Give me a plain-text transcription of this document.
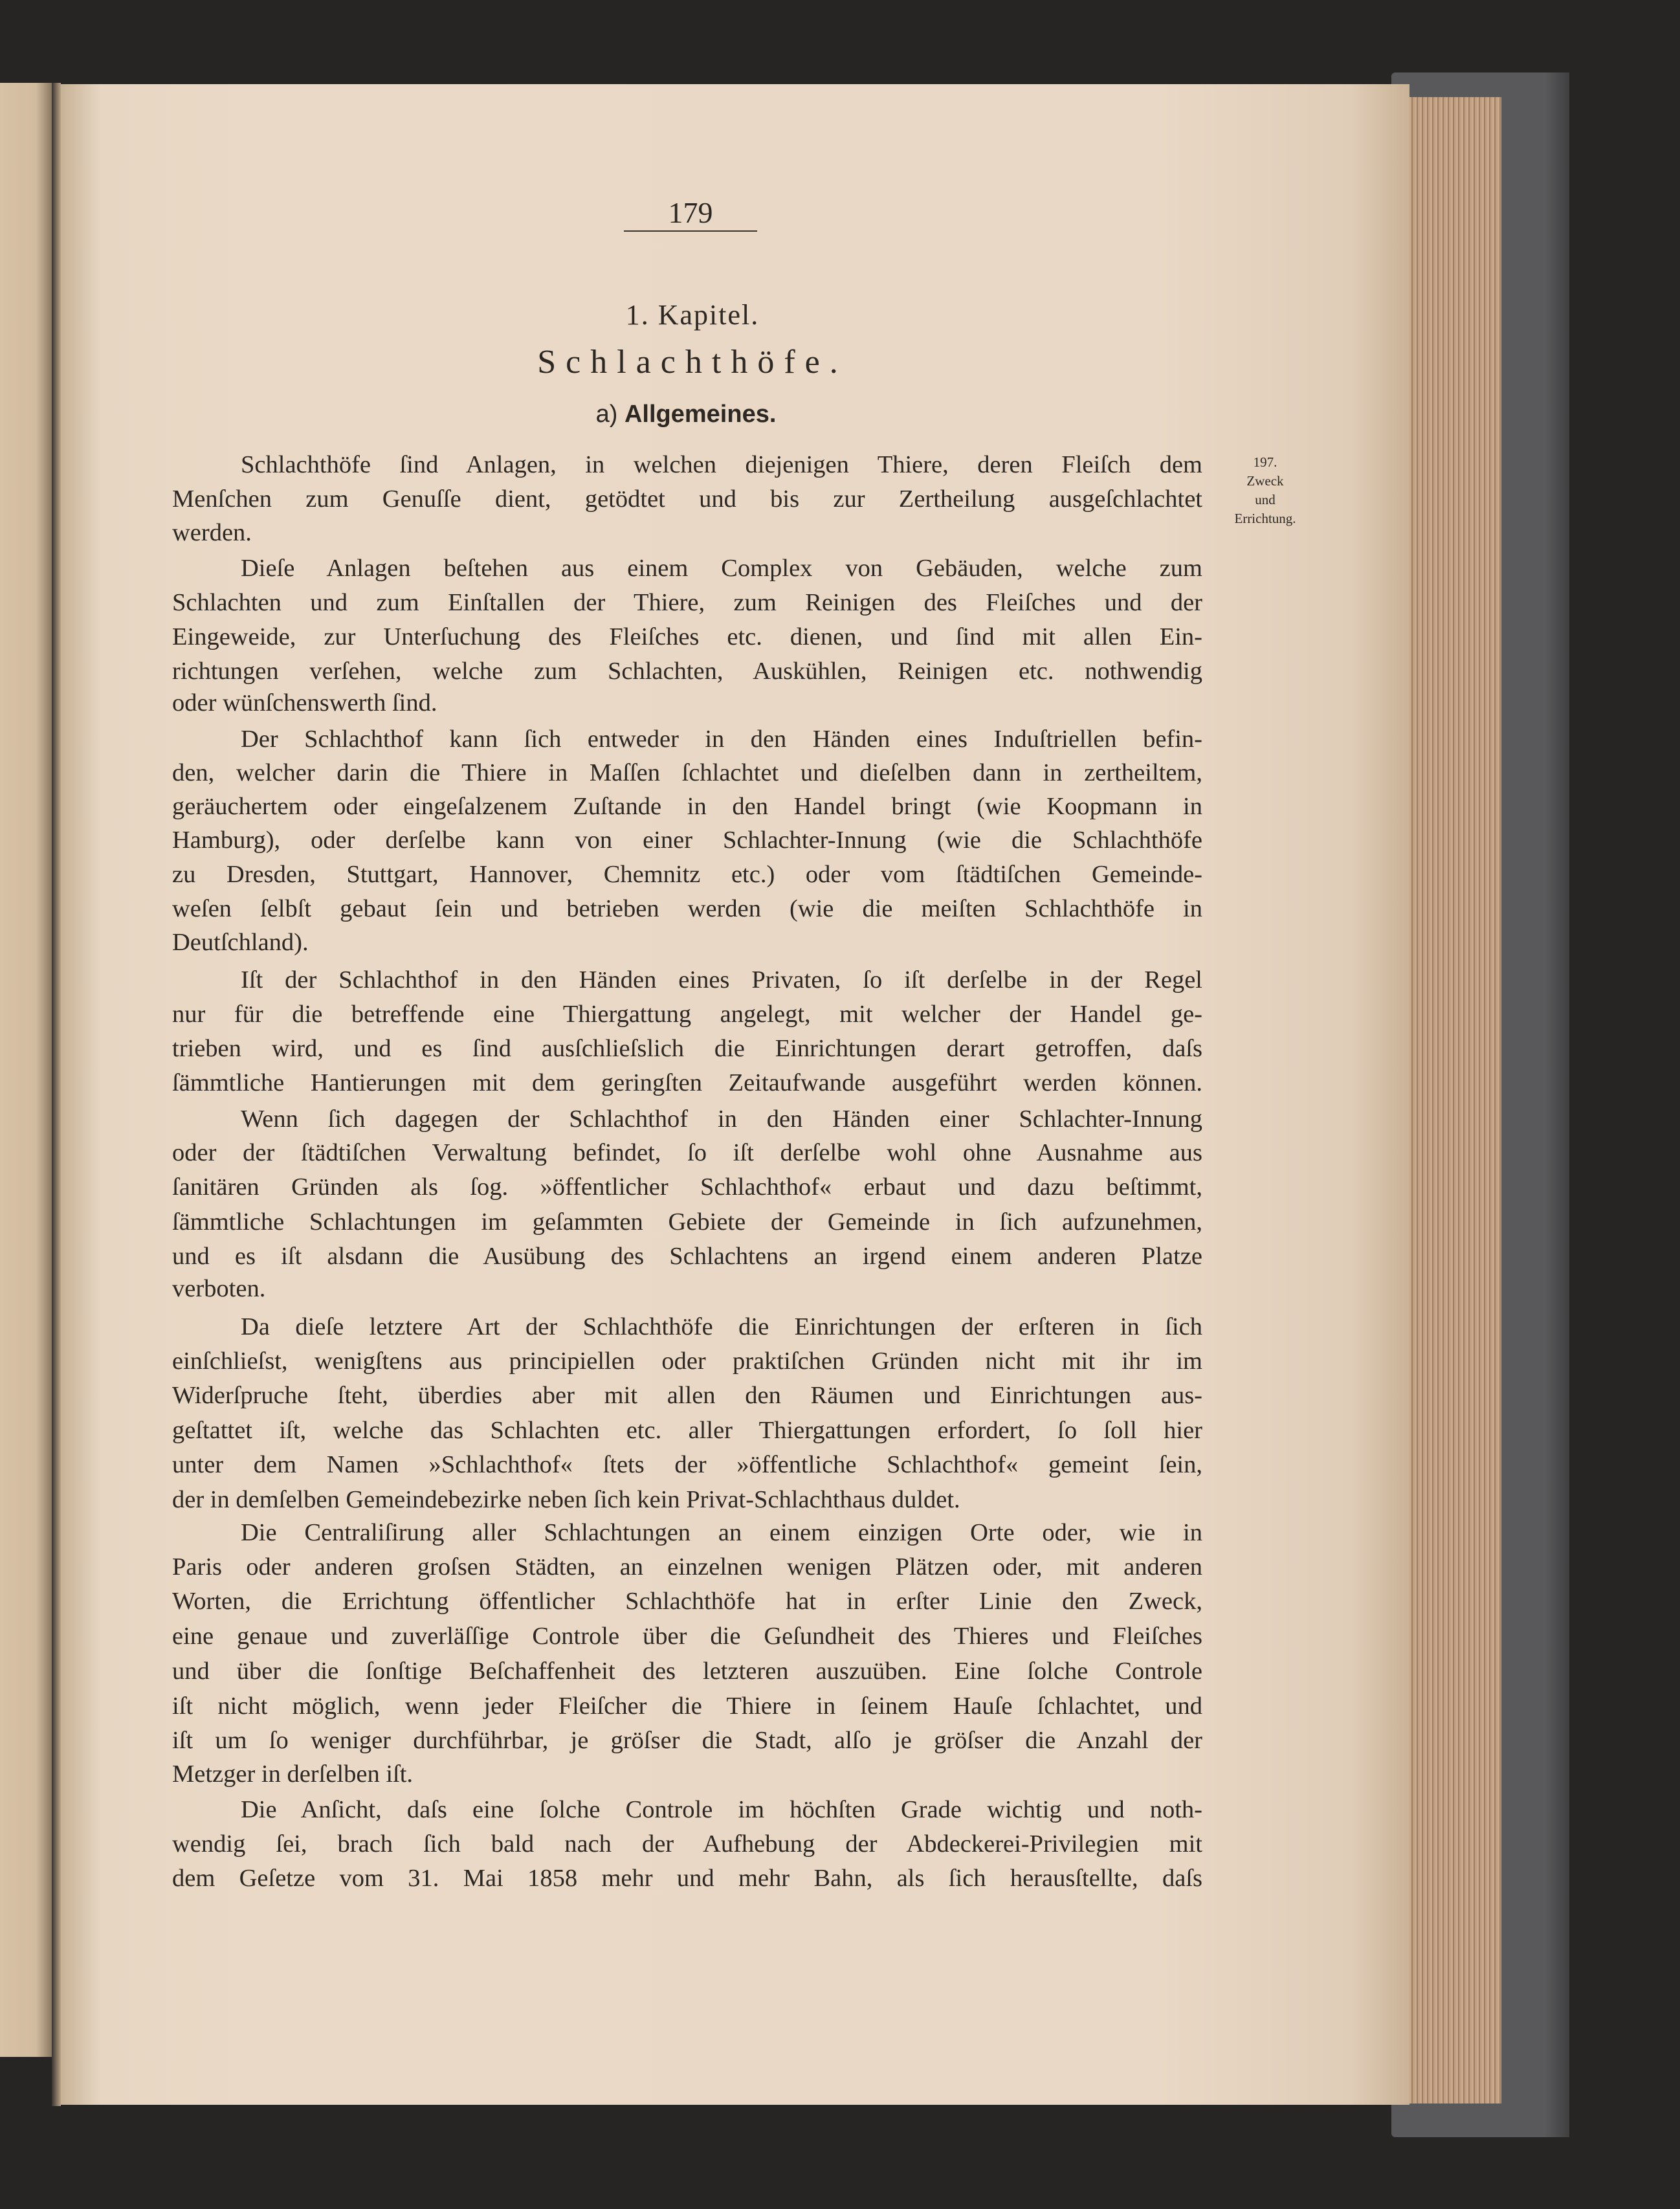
179
1. Kapitel.
Schlachthöfe.
a) Allgemeines.
197.
Zweck
und
Errichtung.
Schlachthöfe ſind Anlagen, in welchen diejenigen Thiere, deren Fleiſch dem
Menſchen zum Genuſſe dient, getödtet und bis zur Zertheilung ausgeſchlachtet
werden.
Dieſe Anlagen beſtehen aus einem Complex von Gebäuden, welche zum
Schlachten und zum Einſtallen der Thiere, zum Reinigen des Fleiſches und der
Eingeweide, zur Unterſuchung des Fleiſches etc. dienen, und ſind mit allen Ein-
richtungen verſehen, welche zum Schlachten, Auskühlen, Reinigen etc. nothwendig
oder wünſchenswerth ſind.
Der Schlachthof kann ſich entweder in den Händen eines Induſtriellen befin-
den, welcher darin die Thiere in Maſſen ſchlachtet und dieſelben dann in zertheiltem,
geräuchertem oder eingeſalzenem Zuſtande in den Handel bringt (wie Koopmann in
Hamburg), oder derſelbe kann von einer Schlachter-Innung (wie die Schlachthöfe
zu Dresden, Stuttgart, Hannover, Chemnitz etc.) oder vom ſtädtiſchen Gemeinde-
weſen ſelbſt gebaut ſein und betrieben werden (wie die meiſten Schlachthöfe in
Deutſchland).
Iſt der Schlachthof in den Händen eines Privaten, ſo iſt derſelbe in der Regel
nur für die betreffende eine Thiergattung angelegt, mit welcher der Handel ge-
trieben wird, und es ſind ausſchlieſslich die Einrichtungen derart getroffen, daſs
ſämmtliche Hantierungen mit dem geringſten Zeitaufwande ausgeführt werden können.
Wenn ſich dagegen der Schlachthof in den Händen einer Schlachter-Innung
oder der ſtädtiſchen Verwaltung befindet, ſo iſt derſelbe wohl ohne Ausnahme aus
ſanitären Gründen als ſog. »öffentlicher Schlachthof« erbaut und dazu beſtimmt,
ſämmtliche Schlachtungen im geſammten Gebiete der Gemeinde in ſich aufzunehmen,
und es iſt alsdann die Ausübung des Schlachtens an irgend einem anderen Platze
verboten.
Da dieſe letztere Art der Schlachthöfe die Einrichtungen der erſteren in ſich
einſchlieſst, wenigſtens aus principiellen oder praktiſchen Gründen nicht mit ihr im
Widerſpruche ſteht, überdies aber mit allen den Räumen und Einrichtungen aus-
geſtattet iſt, welche das Schlachten etc. aller Thiergattungen erfordert, ſo ſoll hier
unter dem Namen »Schlachthof« ſtets der »öffentliche Schlachthof« gemeint ſein,
der in demſelben Gemeindebezirke neben ſich kein Privat-Schlachthaus duldet.
Die Centraliſirung aller Schlachtungen an einem einzigen Orte oder, wie in
Paris oder anderen groſsen Städten, an einzelnen wenigen Plätzen oder, mit anderen
Worten, die Errichtung öffentlicher Schlachthöfe hat in erſter Linie den Zweck,
eine genaue und zuverläſſige Controle über die Geſundheit des Thieres und Fleiſches
und über die ſonſtige Beſchaffenheit des letzteren auszuüben. Eine ſolche Controle
iſt nicht möglich, wenn jeder Fleiſcher die Thiere in ſeinem Hauſe ſchlachtet, und
iſt um ſo weniger durchführbar, je gröſser die Stadt, alſo je gröſser die Anzahl der
Metzger in derſelben iſt.
Die Anſicht, daſs eine ſolche Controle im höchſten Grade wichtig und noth-
wendig ſei, brach ſich bald nach der Aufhebung der Abdeckerei-Privilegien mit
dem Geſetze vom 31. Mai 1858 mehr und mehr Bahn, als ſich herausſtellte, daſs
